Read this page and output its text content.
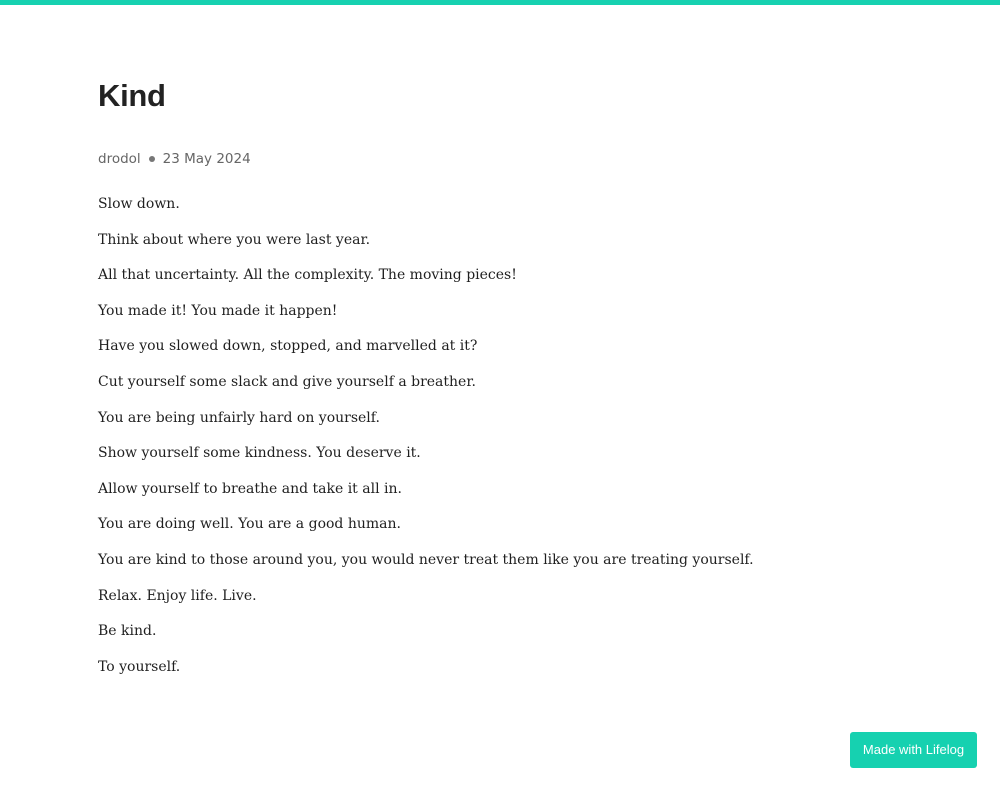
Kind
drodol 23 May 2024

Slow down.

Think about where you were last year.

All that uncertainty. All the complexity. The moving pieces!

You made it! You made it happen!

Have you slowed down, stopped, and marvelled at it?

Cut yourself some slack and give yourself a breather.

You are being unfairly hard on yourself.

Show yourself some kindness. You deserve it.

Allow yourself to breathe and take it all in.

You are doing well. You are a good human.

You are kind to those around you, you would never treat them like you are treating yourself.

Relax. Enjoy life. Live.

Be kind.

To yourself.

Made with Lifelog
